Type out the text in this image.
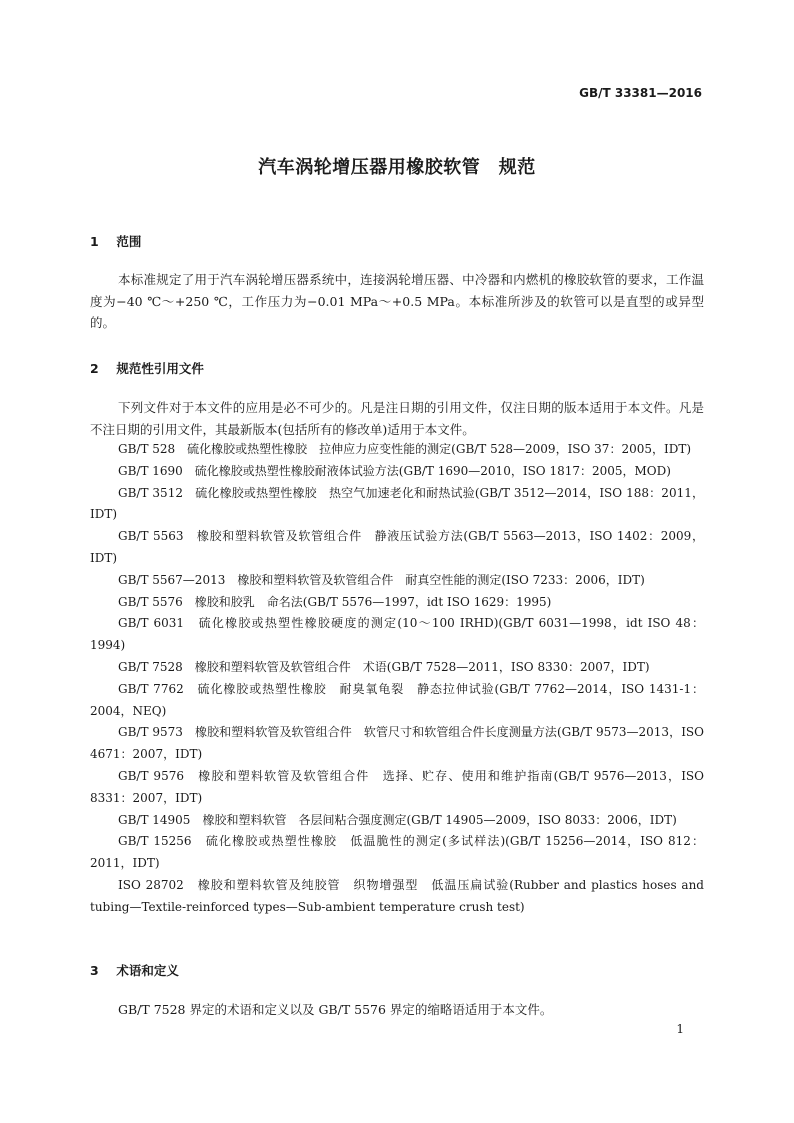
GB/T 33381—2016
汽车涡轮增压器用橡胶软管　规范
1 范围
本标准规定了用于汽车涡轮增压器系统中，连接涡轮增压器、中冷器和内燃机的橡胶软管的要求，工作温度为−40 ℃～+250 ℃，工作压力为−0.01 MPa～+0.5 MPa。本标准所涉及的软管可以是直型的或异型的。
2 规范性引用文件
下列文件对于本文件的应用是必不可少的。凡是注日期的引用文件，仅注日期的版本适用于本文件。凡是不注日期的引用文件，其最新版本(包括所有的修改单)适用于本文件。
GB/T 528　硫化橡胶或热塑性橡胶　拉伸应力应变性能的测定(GB/T 528—2009，ISO 37：2005，IDT)
GB/T 1690　硫化橡胶或热塑性橡胶耐液体试验方法(GB/T 1690—2010，ISO 1817：2005，MOD)
GB/T 3512　硫化橡胶或热塑性橡胶　热空气加速老化和耐热试验(GB/T 3512—2014，ISO 188：2011，IDT)
GB/T 5563　橡胶和塑料软管及软管组合件　静液压试验方法(GB/T 5563—2013，ISO 1402：2009，IDT)
GB/T 5567—2013　橡胶和塑料软管及软管组合件　耐真空性能的测定(ISO 7233：2006，IDT)
GB/T 5576　橡胶和胶乳　命名法(GB/T 5576—1997，idt ISO 1629：1995)
GB/T 6031　硫化橡胶或热塑性橡胶硬度的测定(10～100 IRHD)(GB/T 6031—1998，idt ISO 48：1994)
GB/T 7528　橡胶和塑料软管及软管组合件　术语(GB/T 7528—2011，ISO 8330：2007，IDT)
GB/T 7762　硫化橡胶或热塑性橡胶　耐臭氧龟裂　静态拉伸试验(GB/T 7762—2014，ISO 1431-1：2004，NEQ)
GB/T 9573　橡胶和塑料软管及软管组合件　软管尺寸和软管组合件长度测量方法(GB/T 9573—2013，ISO 4671：2007，IDT)
GB/T 9576　橡胶和塑料软管及软管组合件　选择、贮存、使用和维护指南(GB/T 9576—2013，ISO 8331：2007，IDT)
GB/T 14905　橡胶和塑料软管　各层间粘合强度测定(GB/T 14905—2009，ISO 8033：2006，IDT)
GB/T 15256　硫化橡胶或热塑性橡胶　低温脆性的测定(多试样法)(GB/T 15256—2014，ISO 812：2011，IDT)
ISO 28702　橡胶和塑料软管及纯胶管　织物增强型　低温压扁试验(Rubber and plastics hoses and tubing—Textile-reinforced types—Sub-ambient temperature crush test)
3 术语和定义
GB/T 7528 界定的术语和定义以及 GB/T 5576 界定的缩略语适用于本文件。
1
